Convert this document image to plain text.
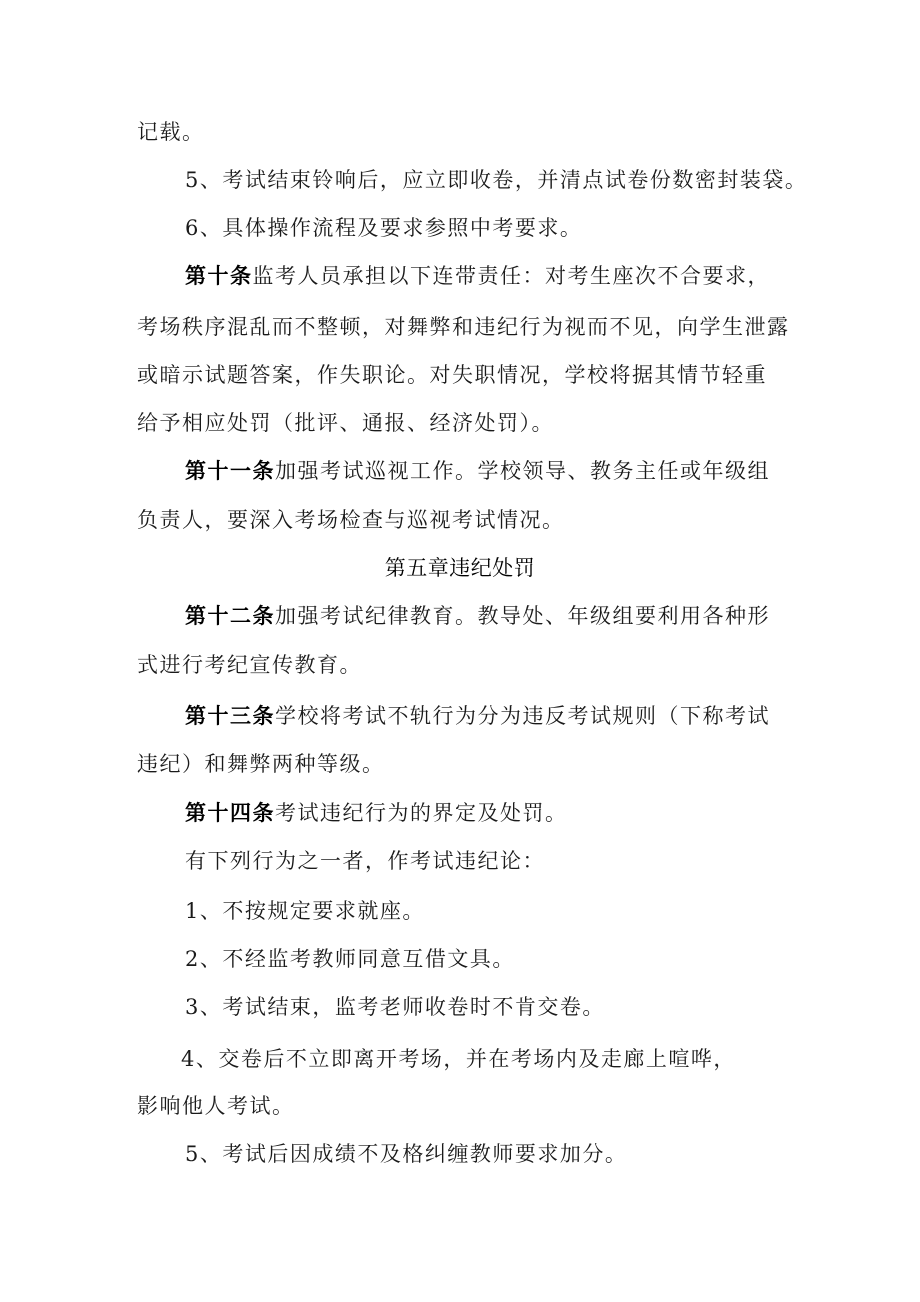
记载。
5、考试结束铃响后，应立即收卷，并清点试卷份数密封装袋。
6、具体操作流程及要求参照中考要求。
第十条监考人员承担以下连带责任：对考生座次不合要求，
考场秩序混乱而不整顿，对舞弊和违纪行为视而不见，向学生泄露
或暗示试题答案，作失职论。对失职情况，学校将据其情节轻重
给予相应处罚（批评、通报、经济处罚）。
第十一条加强考试巡视工作。学校领导、教务主任或年级组
负责人，要深入考场检查与巡视考试情况。
第五章违纪处罚
第十二条加强考试纪律教育。教导处、年级组要利用各种形
式进行考纪宣传教育。
第十三条学校将考试不轨行为分为违反考试规则（下称考试
违纪）和舞弊两种等级。
第十四条考试违纪行为的界定及处罚。
有下列行为之一者，作考试违纪论：
1、不按规定要求就座。
2、不经监考教师同意互借文具。
3、考试结束，监考老师收卷时不肯交卷。
4、交卷后不立即离开考场，并在考场内及走廊上喧哗，
影响他人考试。
5、考试后因成绩不及格纠缠教师要求加分。
